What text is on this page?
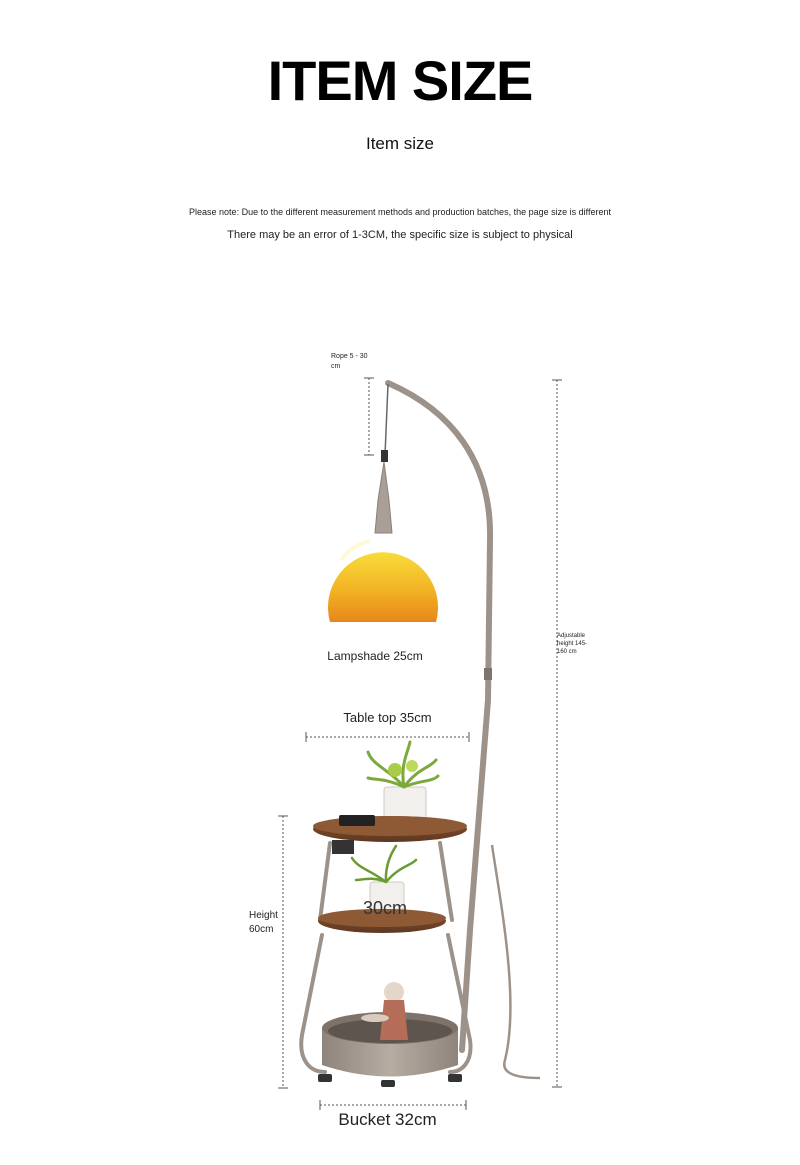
ITEM SIZE
Item size
Please note: Due to the different measurement methods and production batches, the page size is different
There may be an error of 1-3CM, the specific size is subject to physical
Rope 5 - 30 cm
Lampshade 25cm
Table top 35cm
Height 60cm
30cm
Adjustable height 145-160 cm
Bucket 32cm
